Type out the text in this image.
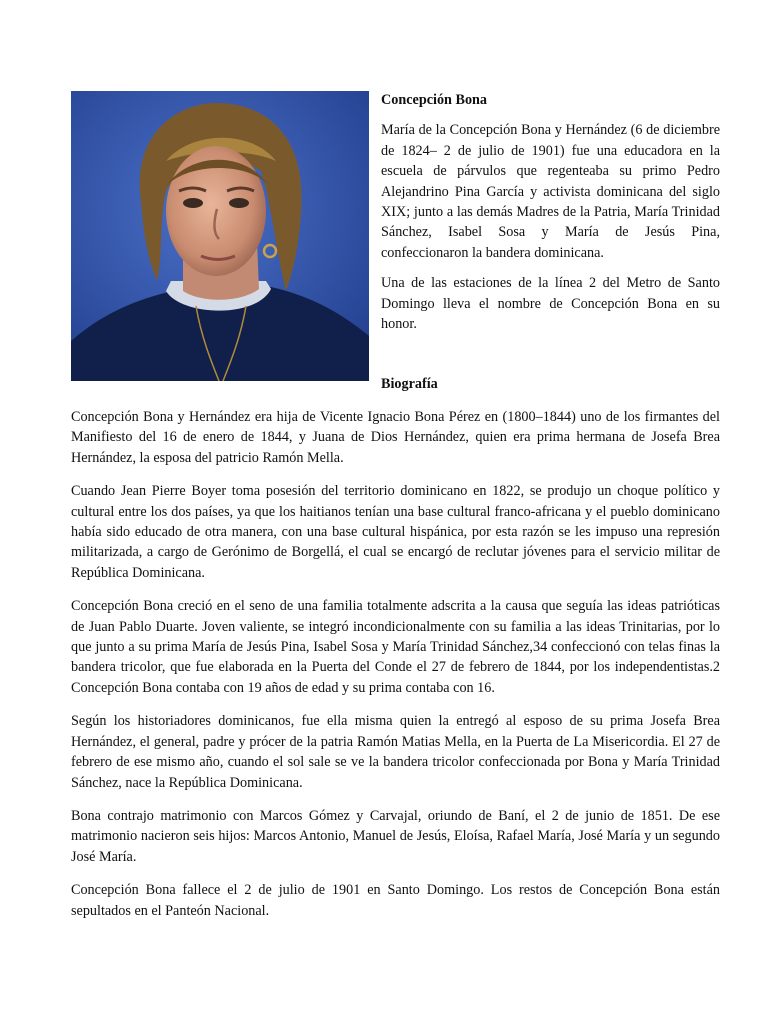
Concepción Bona

María de la Concepción Bona y Hernández (6 de diciembre de 1824– 2 de julio de 1901) fue una educadora en la escuela de párvulos que regenteaba su primo Pedro Alejandrino Pina García y activista dominicana del siglo XIX; junto a las demás Madres de la Patria, María Trinidad Sánchez, Isabel Sosa y María de Jesús Pina, confeccionaron la bandera dominicana.

Una de las estaciones de la línea 2 del Metro de Santo Domingo lleva el nombre de Concepción Bona en su honor.

Biografía

Concepción Bona y Hernández era hija de Vicente Ignacio Bona Pérez en (1800–1844) uno de los firmantes del Manifiesto del 16 de enero de 1844, y Juana de Dios Hernández, quien era prima hermana de Josefa Brea Hernández, la esposa del patricio Ramón Mella.

Cuando Jean Pierre Boyer toma posesión del territorio dominicano en 1822, se produjo un choque político y cultural entre los dos países, ya que los haitianos tenían una base cultural franco-africana y el pueblo dominicano había sido educado de otra manera, con una base cultural hispánica, por esta razón se les impuso una represión militarizada, a cargo de Gerónimo de Borgellá, el cual se encargó de reclutar jóvenes para el servicio militar de República Dominicana.

Concepción Bona creció en el seno de una familia totalmente adscrita a la causa que seguía las ideas patrióticas de Juan Pablo Duarte. Joven valiente, se integró incondicionalmente con su familia a las ideas Trinitarias, por lo que junto a su prima María de Jesús Pina, Isabel Sosa y María Trinidad Sánchez,34 confeccionó con telas finas la bandera tricolor, que fue elaborada en la Puerta del Conde el 27 de febrero de 1844, por los independentistas.2 Concepción Bona contaba con 19 años de edad y su prima contaba con 16.

Según los historiadores dominicanos, fue ella misma quien la entregó al esposo de su prima Josefa Brea Hernández, el general, padre y prócer de la patria Ramón Matias Mella, en la Puerta de La Misericordia. El 27 de febrero de ese mismo año, cuando el sol sale se ve la bandera tricolor confeccionada por Bona y María Trinidad Sánchez, nace la República Dominicana.

Bona contrajo matrimonio con Marcos Gómez y Carvajal, oriundo de Baní, el 2 de junio de 1851. De ese matrimonio nacieron seis hijos: Marcos Antonio, Manuel de Jesús, Eloísa, Rafael María, José María y un segundo José María.

Concepción Bona fallece el 2 de julio de 1901 en Santo Domingo. Los restos de Concepción Bona están sepultados en el Panteón Nacional.
